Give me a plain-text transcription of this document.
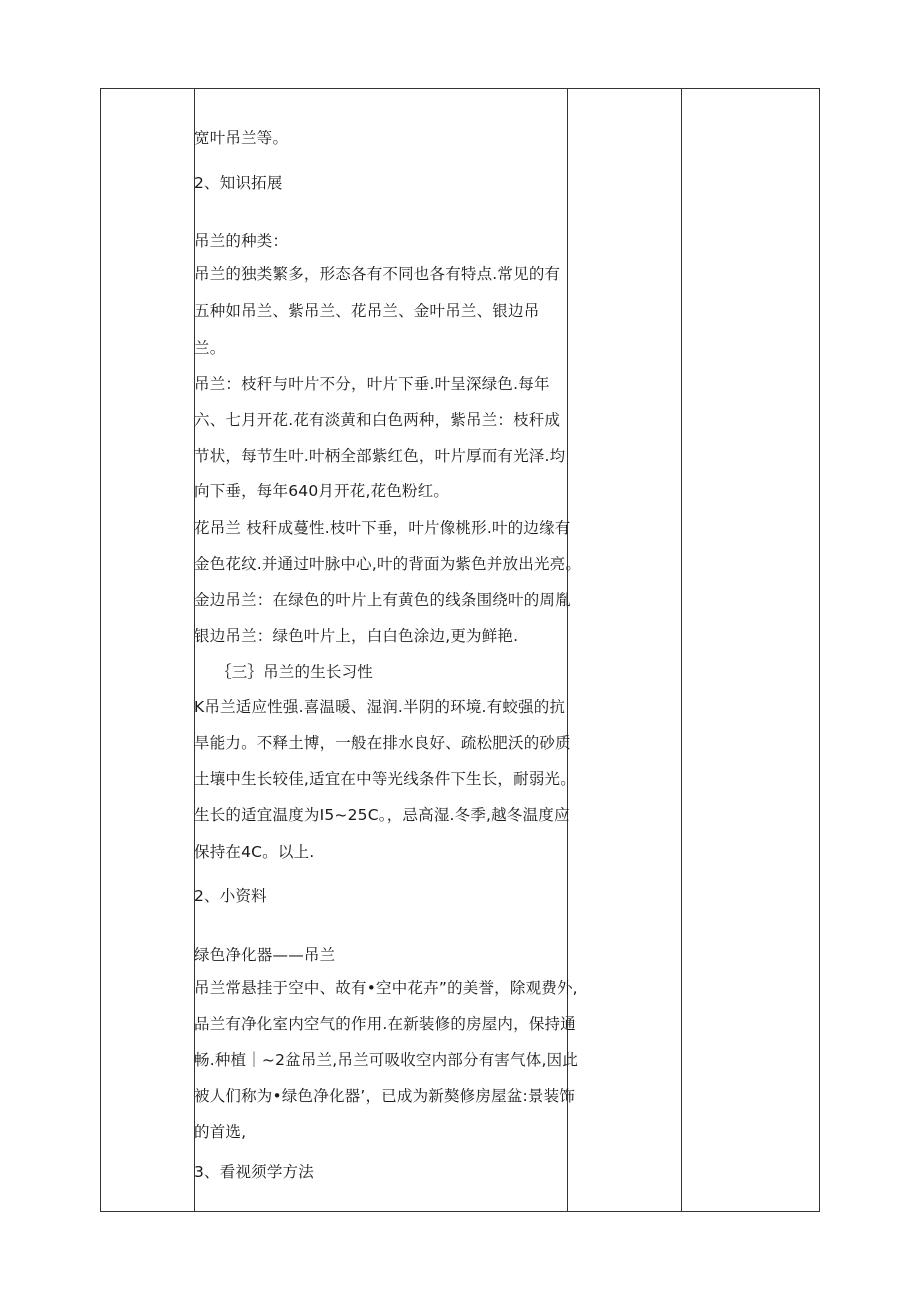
宽叶吊兰等。
2、知识拓展
吊兰的种类：
吊兰的独类繁多，形态各有不同也各有特点.常见的有
五种如吊兰、紫吊兰、花吊兰、金叶吊兰、银边吊
兰。
吊兰：枝秆与叶片不分，叶片下垂.叶呈深绿色.每年
六、七月开花.花有淡黄和白色两种，紫吊兰：枝秆成
节状，每节生叶.叶柄全部紫红色，叶片厚而有光泽.均
向下垂，每年640月开花,花色粉红。
花吊兰 枝秆成蔓性.枝叶下垂，叶片像桃形.叶的边缘有
金色花纹.并通过叶脉中心,叶的背面为紫色并放出光亮。
金边吊兰：在绿色的叶片上有黄色的线条围绕叶的周胤
银边吊兰：绿色叶片上，白白色涂边,更为鲜艳.
｛三｝吊兰的生长习性
K吊兰适应性强.喜温暖、湿润.半阴的环境.有蛟强的抗
旱能力。不释土博，一般在排水良好、疏松肥沃的砂质
土壤中生长较佳,适宜在中等光线条件下生长，耐弱光。
生长的适宜温度为I5~25C。，忌高湿.冬季,越冬温度应
保持在4C。以上.
2、小资料
绿色净化器——吊兰
吊兰常悬挂于空中、故有•空中花卉”的美誉，除观费外,
品兰有净化室内空气的作用.在新装修的房屋内，保持通
畅.种植｜~2盆吊兰,吊兰可吸收空内部分有害气体,因此
被人们称为•绿色净化器’，已成为新獒修房屋盆:景装饰
的首选,
3、看视须学方法
